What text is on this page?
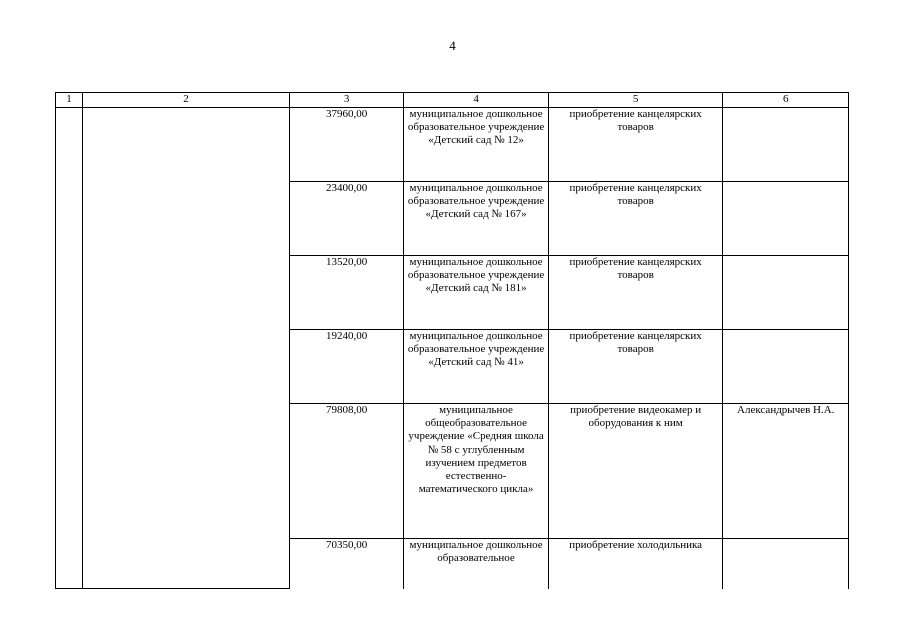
4
1	2	3	4	5	6
		37960,00	муниципальное дошкольное образовательное учреждение «Детский сад № 12»	приобретение канцелярских товаров	
		23400,00	муниципальное дошкольное образовательное учреждение «Детский сад № 167»	приобретение канцелярских товаров	
		13520,00	муниципальное дошкольное образовательное учреждение «Детский сад № 181»	приобретение канцелярских товаров	
		19240,00	муниципальное дошкольное образовательное учреждение «Детский сад № 41»	приобретение канцелярских товаров	
		79808,00	муниципальное общеобразовательное учреждение «Средняя школа № 58 с углубленным изучением предметов естественно-математического цикла»	приобретение видеокамер и оборудования к ним	Александрычев Н.А.
		70350,00	муниципальное дошкольное образовательное	приобретение холодильника	
